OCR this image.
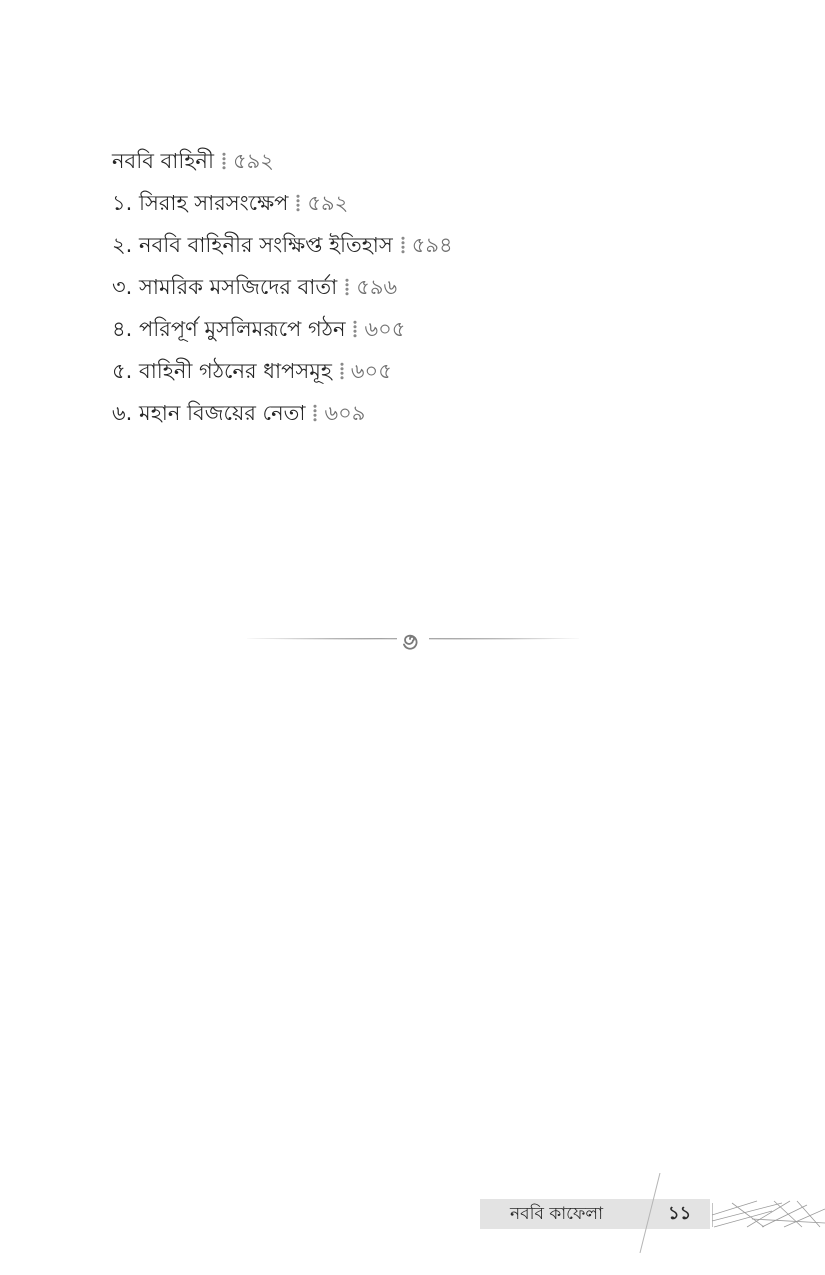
নববি বাহিনী ৫৯২
১. সিরাহ সারসংক্ষেপ ৫৯২
২. নববি বাহিনীর সংক্ষিপ্ত ইতিহাস ৫৯৪
৩. সামরিক মসজিদের বার্তা ৫৯৬
৪. পরিপূর্ণ মুসলিমরূপে গঠন ৬০৫
৫. বাহিনী গঠনের ধাপসমূহ ৬০৫
৬. মহান বিজয়ের নেতা ৬০৯
নববি কাফেলা	১১
